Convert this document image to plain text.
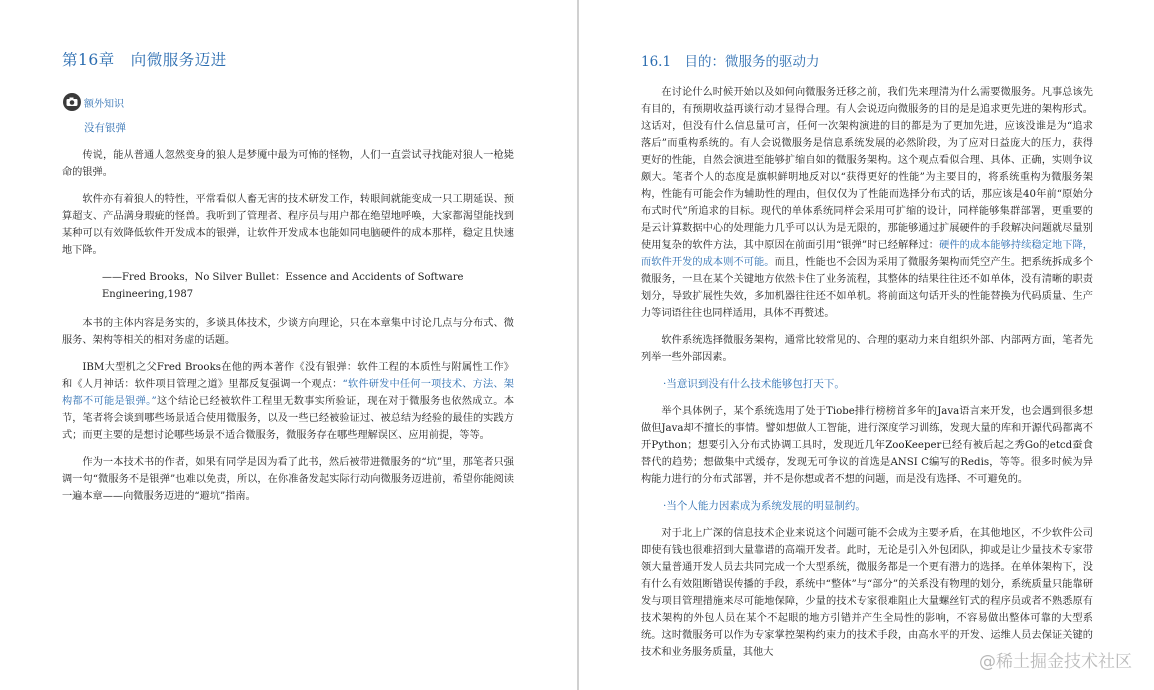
第16章　向微服务迈进
额外知识
没有银弹

传说，能从普通人忽然变身的狼人是梦魇中最为可怖的怪物，人们一直尝试寻找能对狼人一枪毙命的银弹。

软件亦有着狼人的特性，平常看似人畜无害的技术研发工作，转眼间就能变成一只工期延误、预算超支、产品满身瑕疵的怪兽。我听到了管理者、程序员与用户都在绝望地呼唤，大家都渴望能找到某种可以有效降低软件开发成本的银弹，让软件开发成本也能如同电脑硬件的成本那样，稳定且快速地下降。

——Fred Brooks，No Silver Bullet：Essence and Accidents of Software Engineering,1987

本书的主体内容是务实的，多谈具体技术，少谈方向理论，只在本章集中讨论几点与分布式、微服务、架构等相关的相对务虚的话题。

IBM大型机之父Fred Brooks在他的两本著作《没有银弹：软件工程的本质性与附属性工作》和《人月神话：软件项目管理之道》里都反复强调一个观点：“软件研发中任何一项技术、方法、架构都不可能是银弹。”这个结论已经被软件工程里无数事实所验证，现在对于微服务也依然成立。本节，笔者将会谈到哪些场景适合使用微服务，以及一些已经被验证过、被总结为经验的最佳的实践方式；而更主要的是想讨论哪些场景不适合微服务，微服务存在哪些理解误区、应用前提，等等。

作为一本技术书的作者，如果有同学是因为看了此书，然后被带进微服务的“坑”里，那笔者只强调一句“微服务不是银弹”也难以免责，所以，在你准备发起实际行动向微服务迈进前，希望你能阅读一遍本章——向微服务迈进的“避坑”指南。

16.1　目的：微服务的驱动力

在讨论什么时候开始以及如何向微服务迁移之前，我们先来理清为什么需要微服务。凡事总该先有目的，有预期收益再谈行动才显得合理。有人会说迈向微服务的目的是是追求更先进的架构形式。这话对，但没有什么信息量可言，任何一次架构演进的目的都是为了更加先进，应该没谁是为“追求落后”而重构系统的。有人会说微服务是信息系统发展的必然阶段，为了应对日益庞大的压力，获得更好的性能，自然会演进至能够扩缩自如的微服务架构。这个观点看似合理、具体、正确，实则争议颇大。笔者个人的态度是旗帜鲜明地反对以“获得更好的性能”为主要目的，将系统重构为微服务架构，性能有可能会作为辅助性的理由，但仅仅为了性能而选择分布式的话，那应该是40年前“原始分布式时代”所追求的目标。现代的单体系统同样会采用可扩缩的设计，同样能够集群部署，更重要的是云计算数据中心的处理能力几乎可以认为是无限的，那能够通过扩展硬件的手段解决问题就尽量别使用复杂的软件方法，其中原因在前面引用“银弹”时已经解释过：硬件的成本能够持续稳定地下降，而软件开发的成本则不可能。而且，性能也不会因为采用了微服务架构而凭空产生。把系统拆成多个微服务，一旦在某个关键地方依然卡住了业务流程，其整体的结果往往还不如单体，没有清晰的职责划分，导致扩展性失效，多加机器往往还不如单机。将前面这句话开头的性能替换为代码质量、生产力等词语往往也同样适用，具体不再赘述。

软件系统选择微服务架构，通常比较常见的、合理的驱动力来自组织外部、内部两方面，笔者先列举一些外部因素。

·当意识到没有什么技术能够包打天下。

举个具体例子，某个系统选用了处于Tiobe排行榜榜首多年的Java语言来开发，也会遇到很多想做但Java却不擅长的事情。譬如想做人工智能，进行深度学习训练，发现大量的库和开源代码都离不开Python；想要引入分布式协调工具时，发现近几年ZooKeeper已经有被后起之秀Go的etcd蚕食替代的趋势；想做集中式缓存，发现无可争议的首选是ANSI C编写的Redis，等等。很多时候为异构能力进行的分布式部署，并不是你想或者不想的问题，而是没有选择、不可避免的。

·当个人能力因素成为系统发展的明显制约。

对于北上广深的信息技术企业来说这个问题可能不会成为主要矛盾，在其他地区，不少软件公司即使有钱也很难招到大量靠谱的高端开发者。此时，无论是引入外包团队，抑或是让少量技术专家带领大量普通开发人员去共同完成一个大型系统，微服务都是一个更有潜力的选择。在单体架构下，没有什么有效阻断错误传播的手段，系统中“整体”与“部分”的关系没有物理的划分，系统质量只能靠研发与项目管理措施来尽可能地保障，少量的技术专家很难阻止大量螺丝钉式的程序员或者不熟悉原有技术架构的外包人员在某个不起眼的地方引错并产生全局性的影响，不容易做出整体可靠的大型系统。这时微服务可以作为专家掌控架构约束力的技术手段，由高水平的开发、运维人员去保证关键的技术和业务服务质量，其他大	@稀土掘金技术社区
